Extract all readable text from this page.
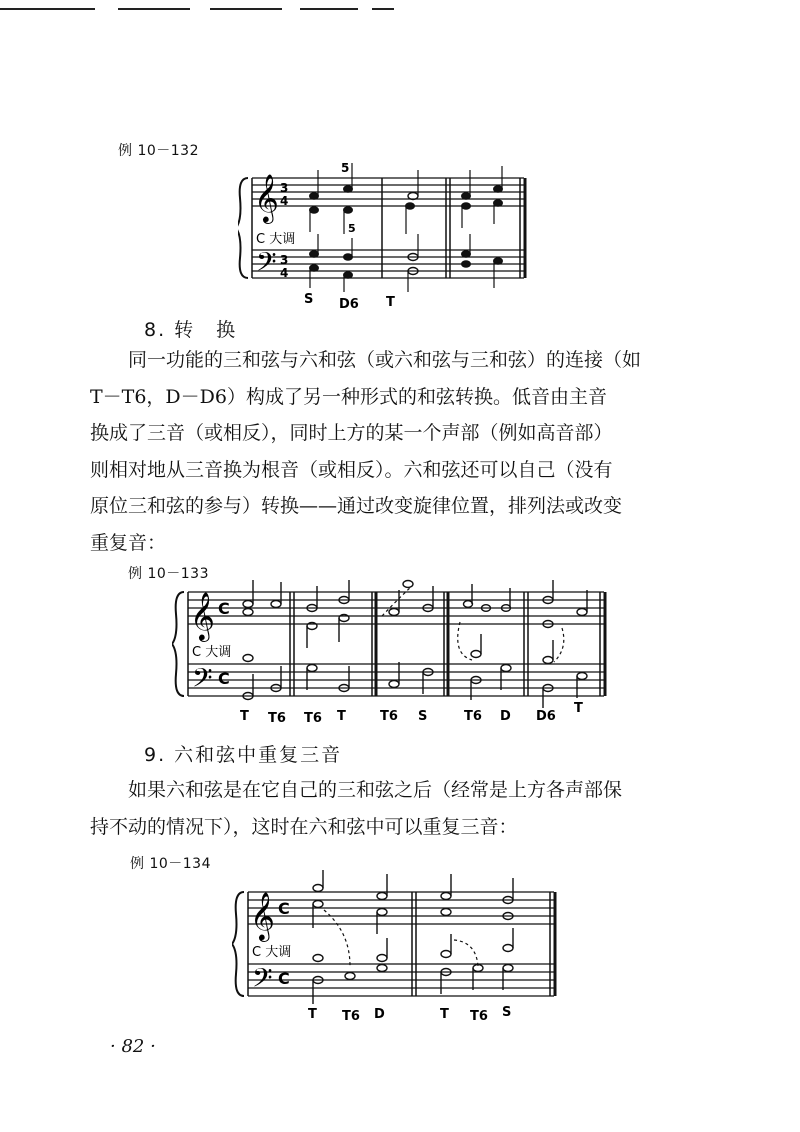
例 10－132
𝄞
𝄢
3
4
3
4
C 大调
5
5
S D6 T
8. 转　换

同一功能的三和弦与六和弦（或六和弦与三和弦）的连接（如

T－T6，D－D6）构成了另一种形式的和弦转换。低音由主音

换成了三音（或相反），同时上方的某一个声部（例如高音部）

则相对地从三音换为根音（或相反）。六和弦还可以自己（没有

原位三和弦的参与）转换——通过改变旋律位置，排列法或改变

重复音：

例 10－133
𝄞
𝄢
C
C
C 大调
T T6 T6 T	T6 S	T6 D D6
T
9. 六和弦中重复三音

如果六和弦是在它自己的三和弦之后（经常是上方各声部保

持不动的情况下），这时在六和弦中可以重复三音：

例 10－134
𝄞
𝄢
C
C
C 大调
T T6 D	T T6 S
· 82 ·
